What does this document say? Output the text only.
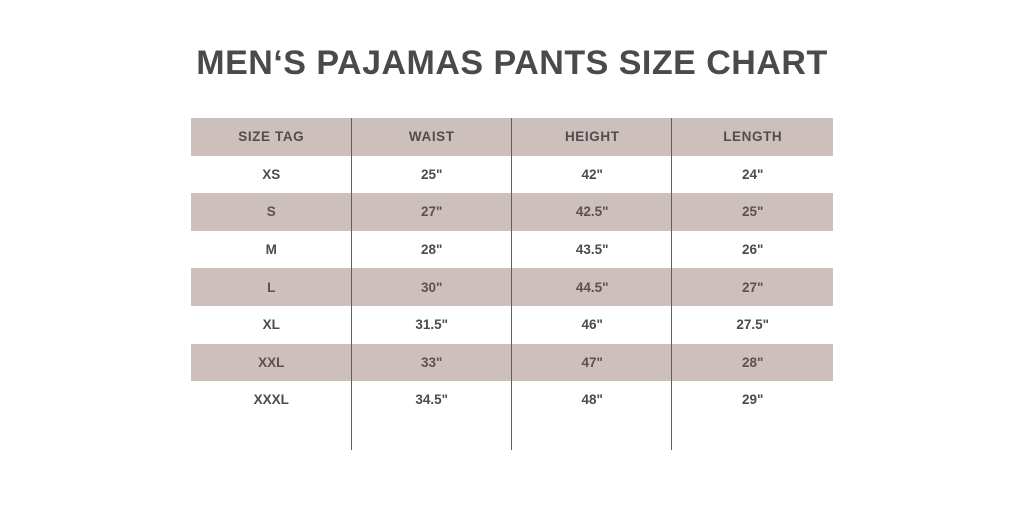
MEN‘S PAJAMAS PANTS SIZE CHART
SIZE TAG	WAIST	HEIGHT	LENGTH
XS	25"	42"	24"
S	27"	42.5"	25"
M	28"	43.5"	26"
L	30"	44.5"	27"
XL	31.5"	46"	27.5"
XXL	33"	47"	28"
XXXL	34.5"	48"	29"
